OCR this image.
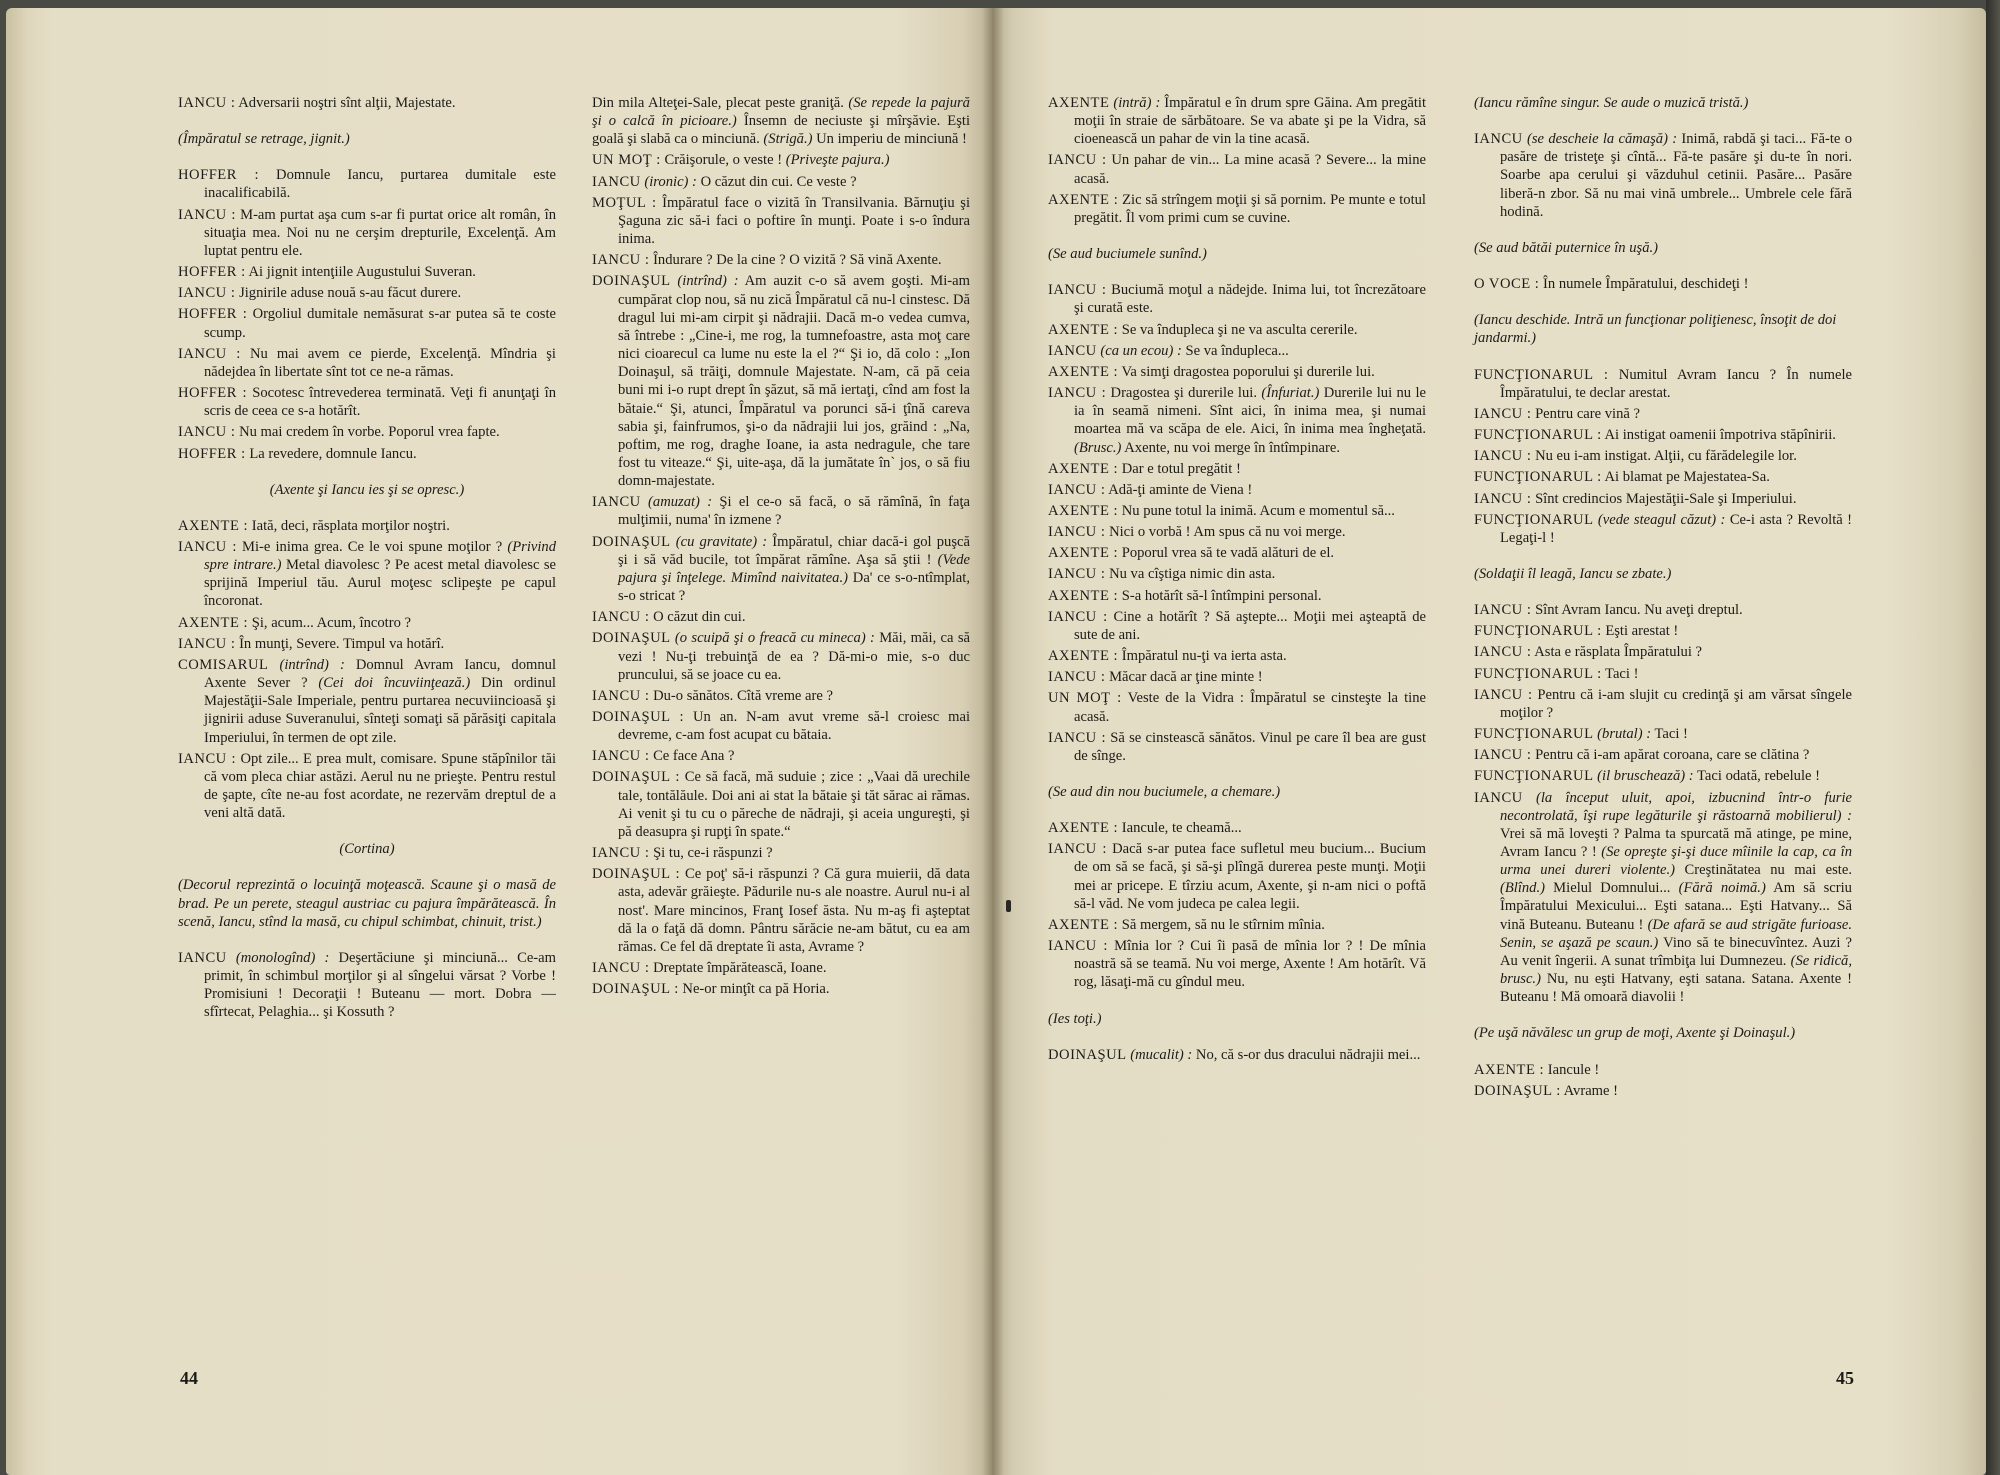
IANCU : Adversarii noştri sînt alţii, Majestate.

(Împăratul se retrage, jignit.)

HOFFER : Domnule Iancu, purtarea dumitale este inacalificabilă.

IANCU : M-am purtat aşa cum s-ar fi purtat orice alt român, în situaţia mea. Noi nu ne cerşim drepturile, Excelenţă. Am luptat pentru ele.

HOFFER : Ai jignit intenţiile Augustului Suveran.

IANCU : Jignirile aduse nouă s-au făcut durere.

HOFFER : Orgoliul dumitale nemăsurat s-ar putea să te coste scump.

IANCU : Nu mai avem ce pierde, Excelenţă. Mîndria şi nădejdea în libertate sînt tot ce ne-a rămas.

HOFFER : Socotesc întrevederea terminată. Veţi fi anunţaţi în scris de ceea ce s-a hotărît.

IANCU : Nu mai credem în vorbe. Poporul vrea fapte.

HOFFER : La revedere, domnule Iancu.

(Axente şi Iancu ies şi se opresc.)

AXENTE : Iată, deci, răsplata morţilor noştri.

IANCU : Mi-e inima grea. Ce le voi spune moţilor ? (Privind spre intrare.) Metal diavolesc ? Pe acest metal diavolesc se sprijină Imperiul tău. Aurul moţesc sclipeşte pe capul încoronat.

AXENTE : Şi, acum... Acum, încotro ?

IANCU : În munţi, Severe. Timpul va hotărî.

COMISARUL (intrînd) : Domnul Avram Iancu, domnul Axente Sever ? (Cei doi încuviinţează.) Din ordinul Majestăţii-Sale Imperiale, pentru purtarea necuviincioasă şi jignirii aduse Suveranului, sînteţi somaţi să părăsiţi capitala Imperiului, în termen de opt zile.

IANCU : Opt zile... E prea mult, comisare. Spune stăpînilor tăi că vom pleca chiar astăzi. Aerul nu ne prieşte. Pentru restul de şapte, cîte ne-au fost acordate, ne rezervăm dreptul de a veni altă dată.

(Cortina)

(Decorul reprezintă o locuinţă moţească. Scaune şi o masă de brad. Pe un perete, steagul austriac cu pajura împărătească. În scenă, Iancu, stînd la masă, cu chipul schimbat, chinuit, trist.)

IANCU (monologînd) : Deşertăciune şi minciună... Ce-am primit, în schimbul morţilor şi al sîngelui vărsat ? Vorbe ! Promisiuni ! Decoraţii ! Buteanu — mort. Dobra — sfîrtecat, Pelaghia... şi Kossuth ?

Din mila Alteţei-Sale, plecat peste graniţă. (Se repede la pajură şi o calcă în picioare.) Însemn de neciuste şi mîrşăvie. Eşti goală şi slabă ca o minciună. (Strigă.) Un imperiu de minciună !

UN MOŢ : Crăişorule, o veste ! (Priveşte pajura.)

IANCU (ironic) : O căzut din cui. Ce veste ?

MOŢUL : Împăratul face o vizită în Transilvania. Bărnuţiu şi Şaguna zic să-i faci o poftire în munţi. Poate i s-o îndura inima.

IANCU : Îndurare ? De la cine ? O vizită ? Să vină Axente.

DOINAŞUL (intrînd) : Am auzit c-o să avem goşti. Mi-am cumpărat clop nou, să nu zică Împăratul că nu-l cinstesc. Dă dragul lui mi-am cirpit şi nădrajii. Dacă m-o vedea cumva, să întrebe : „Cine-i, me rog, la tumnefoastre, asta moţ care nici cioarecul ca lume nu este la el ?“ Şi io, dă colo : „Ion Doinaşul, să trăiţi, domnule Majestate. N-am, că pă ceia buni mi i-o rupt drept în şăzut, să mă iertaţi, cînd am fost la bătaie.“ Şi, atunci, Împăratul va porunci să-i ţînă careva sabia şi, fainfrumos, şi-o da nădrajii lui jos, grăind : „Na, poftim, me rog, draghe Ioane, ia asta nedragule, che tare fost tu viteaze.“ Şi, uite-aşa, dă la jumătate în` jos, o să fiu domn-majestate.

IANCU (amuzat) : Şi el ce-o să facă, o să rămînă, în faţa mulţimii, numa' în izmene ?

DOINAŞUL (cu gravitate) : Împăratul, chiar dacă-i gol puşcă şi i să văd bucile, tot împărat rămîne. Aşa să ştii ! (Vede pajura şi înţelege. Mimînd naivitatea.) Da' ce s-o-ntîmplat, s-o stricat ?

IANCU : O căzut din cui.

DOINAŞUL (o scuipă şi o freacă cu mineca) : Măi, măi, ca să vezi ! Nu-ţi trebuinţă de ea ? Dă-mi-o mie, s-o duc pruncului, să se joace cu ea.

IANCU : Du-o sănătos. Cîtă vreme are ?

DOINAŞUL : Un an. N-am avut vreme să-l croiesc mai devreme, c-am fost acupat cu bătaia.

IANCU : Ce face Ana ?

DOINAŞUL : Ce să facă, mă suduie ; zice : „Vaai dă urechile tale, tontălăule. Doi ani ai stat la bătaie şi tăt sărac ai rămas. Ai venit şi tu cu o păreche de nădraji, şi aceia ungureşti, şi pă deasupra şi rupţi în spate.“

IANCU : Şi tu, ce-i răspunzi ?

DOINAŞUL : Ce poţ' să-i răspunzi ? Că gura muierii, dă data asta, adevăr grăieşte. Pădurile nu-s ale noastre. Aurul nu-i al nost'. Mare mincinos, Franţ Iosef ăsta. Nu m-aş fi aşteptat dă la o faţă dă domn. Pântru sărăcie ne-am bătut, cu ea am rămas. Ce fel dă dreptate îi asta, Avrame ?

IANCU : Dreptate împărătească, Ioane.

DOINAŞUL : Ne-or minţît ca pă Horia.

AXENTE (intră) : Împăratul e în drum spre Găina. Am pregătit moţii în straie de sărbătoare. Se va abate şi pe la Vidra, să cioenească un pahar de vin la tine acasă.

IANCU : Un pahar de vin... La mine acasă ? Severe... la mine acasă.

AXENTE : Zic să strîngem moţii şi să pornim. Pe munte e totul pregătit. Îl vom primi cum se cuvine.

(Se aud buciumele sunînd.)

IANCU : Buciumă moţul a nădejde. Inima lui, tot încrezătoare şi curată este.

AXENTE : Se va îndupleca şi ne va asculta cererile.

IANCU (ca un ecou) : Se va îndupleca...

AXENTE : Va simţi dragostea poporului şi durerile lui.

IANCU : Dragostea şi durerile lui. (Înfuriat.) Durerile lui nu le ia în seamă nimeni. Sînt aici, în inima mea, şi numai moartea mă va scăpa de ele. Aici, în inima mea îngheţată. (Brusc.) Axente, nu voi merge în întîmpinare.

AXENTE : Dar e totul pregătit !

IANCU : Adă-ţi aminte de Viena !

AXENTE : Nu pune totul la inimă. Acum e momentul să...

IANCU : Nici o vorbă ! Am spus că nu voi merge.

AXENTE : Poporul vrea să te vadă alături de el.

IANCU : Nu va cîştiga nimic din asta.

AXENTE : S-a hotărît să-l întîmpini personal.

IANCU : Cine a hotărît ? Să aştepte... Moţii mei aşteaptă de sute de ani.

AXENTE : Împăratul nu-ţi va ierta asta.

IANCU : Măcar dacă ar ţine minte !

UN MOŢ : Veste de la Vidra : Împăratul se cinsteşte la tine acasă.

IANCU : Să se cinstească sănătos. Vinul pe care îl bea are gust de sînge.

(Se aud din nou buciumele, a chemare.)

AXENTE : Iancule, te cheamă...

IANCU : Dacă s-ar putea face sufletul meu bucium... Bucium de om să se facă, şi să-şi plîngă durerea peste munţi. Moţii mei ar pricepe. E tîrziu acum, Axente, şi n-am nici o poftă să-l văd. Ne vom judeca pe calea legii.

AXENTE : Să mergem, să nu le stîrnim mînia.

IANCU : Mînia lor ? Cui îi pasă de mînia lor ? ! De mînia noastră să se teamă. Nu voi merge, Axente ! Am hotărît. Vă rog, lăsaţi-mă cu gîndul meu.

(Ies toţi.)

DOINAŞUL (mucalit) : No, că s-or dus dracului nădrajii mei...

(Iancu rămîne singur. Se aude o muzică tristă.)

IANCU (se descheie la cămaşă) : Inimă, rabdă şi taci... Fă-te o pasăre de tristeţe şi cîntă... Fă-te pasăre şi du-te în nori. Soarbe apa cerului şi văzduhul cetinii. Pasăre... Pasăre liberă-n zbor. Să nu mai vină umbrele... Umbrele cele fără hodină.

(Se aud bătăi puternice în uşă.)

O VOCE : În numele Împăratului, deschideţi !

(Iancu deschide. Intră un funcţionar poliţienesc, însoţit de doi jandarmi.)

FUNCŢIONARUL : Numitul Avram Iancu ? În numele Împăratului, te declar arestat.

IANCU : Pentru care vină ?

FUNCŢIONARUL : Ai instigat oamenii împotriva stăpînirii.

IANCU : Nu eu i-am instigat. Alţii, cu fărădelegile lor.

FUNCŢIONARUL : Ai blamat pe Majestatea-Sa.

IANCU : Sînt credincios Majestăţii-Sale şi Imperiului.

FUNCŢIONARUL (vede steagul căzut) : Ce-i asta ? Revoltă ! Legaţi-l !

(Soldaţii îl leagă, Iancu se zbate.)

IANCU : Sînt Avram Iancu. Nu aveţi dreptul.

FUNCŢIONARUL : Eşti arestat !

IANCU : Asta e răsplata Împăratului ?

FUNCŢIONARUL : Taci !

IANCU : Pentru că i-am slujit cu credinţă şi am vărsat sîngele moţilor ?

FUNCŢIONARUL (brutal) : Taci !

IANCU : Pentru că i-am apărat coroana, care se clătina ?

FUNCŢIONARUL (il bruschează) : Taci odată, rebelule !

IANCU (la început uluit, apoi, izbucnind într-o furie necontrolată, îşi rupe legăturile şi răstoarnă mobilierul) : Vrei să mă loveşti ? Palma ta spurcată mă atinge, pe mine, Avram Iancu ? ! (Se opreşte şi-şi duce mîinile la cap, ca în urma unei dureri violente.) Creştinătatea nu mai este. (Blînd.) Mielul Domnului... (Fără noimă.) Am să scriu Împăratului Mexicului... Eşti satana... Eşti Hatvany... Să vină Buteanu. Buteanu ! (De afară se aud strigăte furioase. Senin, se aşază pe scaun.) Vino să te binecuvîntez. Auzi ? Au venit îngerii. A sunat trîmbiţa lui Dumnezeu. (Se ridică, brusc.) Nu, nu eşti Hatvany, eşti satana. Satana. Axente ! Buteanu ! Mă omoară diavolii !

(Pe uşă năvălesc un grup de moţi, Axente şi Doinaşul.)

AXENTE : Iancule !

DOINAŞUL : Avrame !

44	45
